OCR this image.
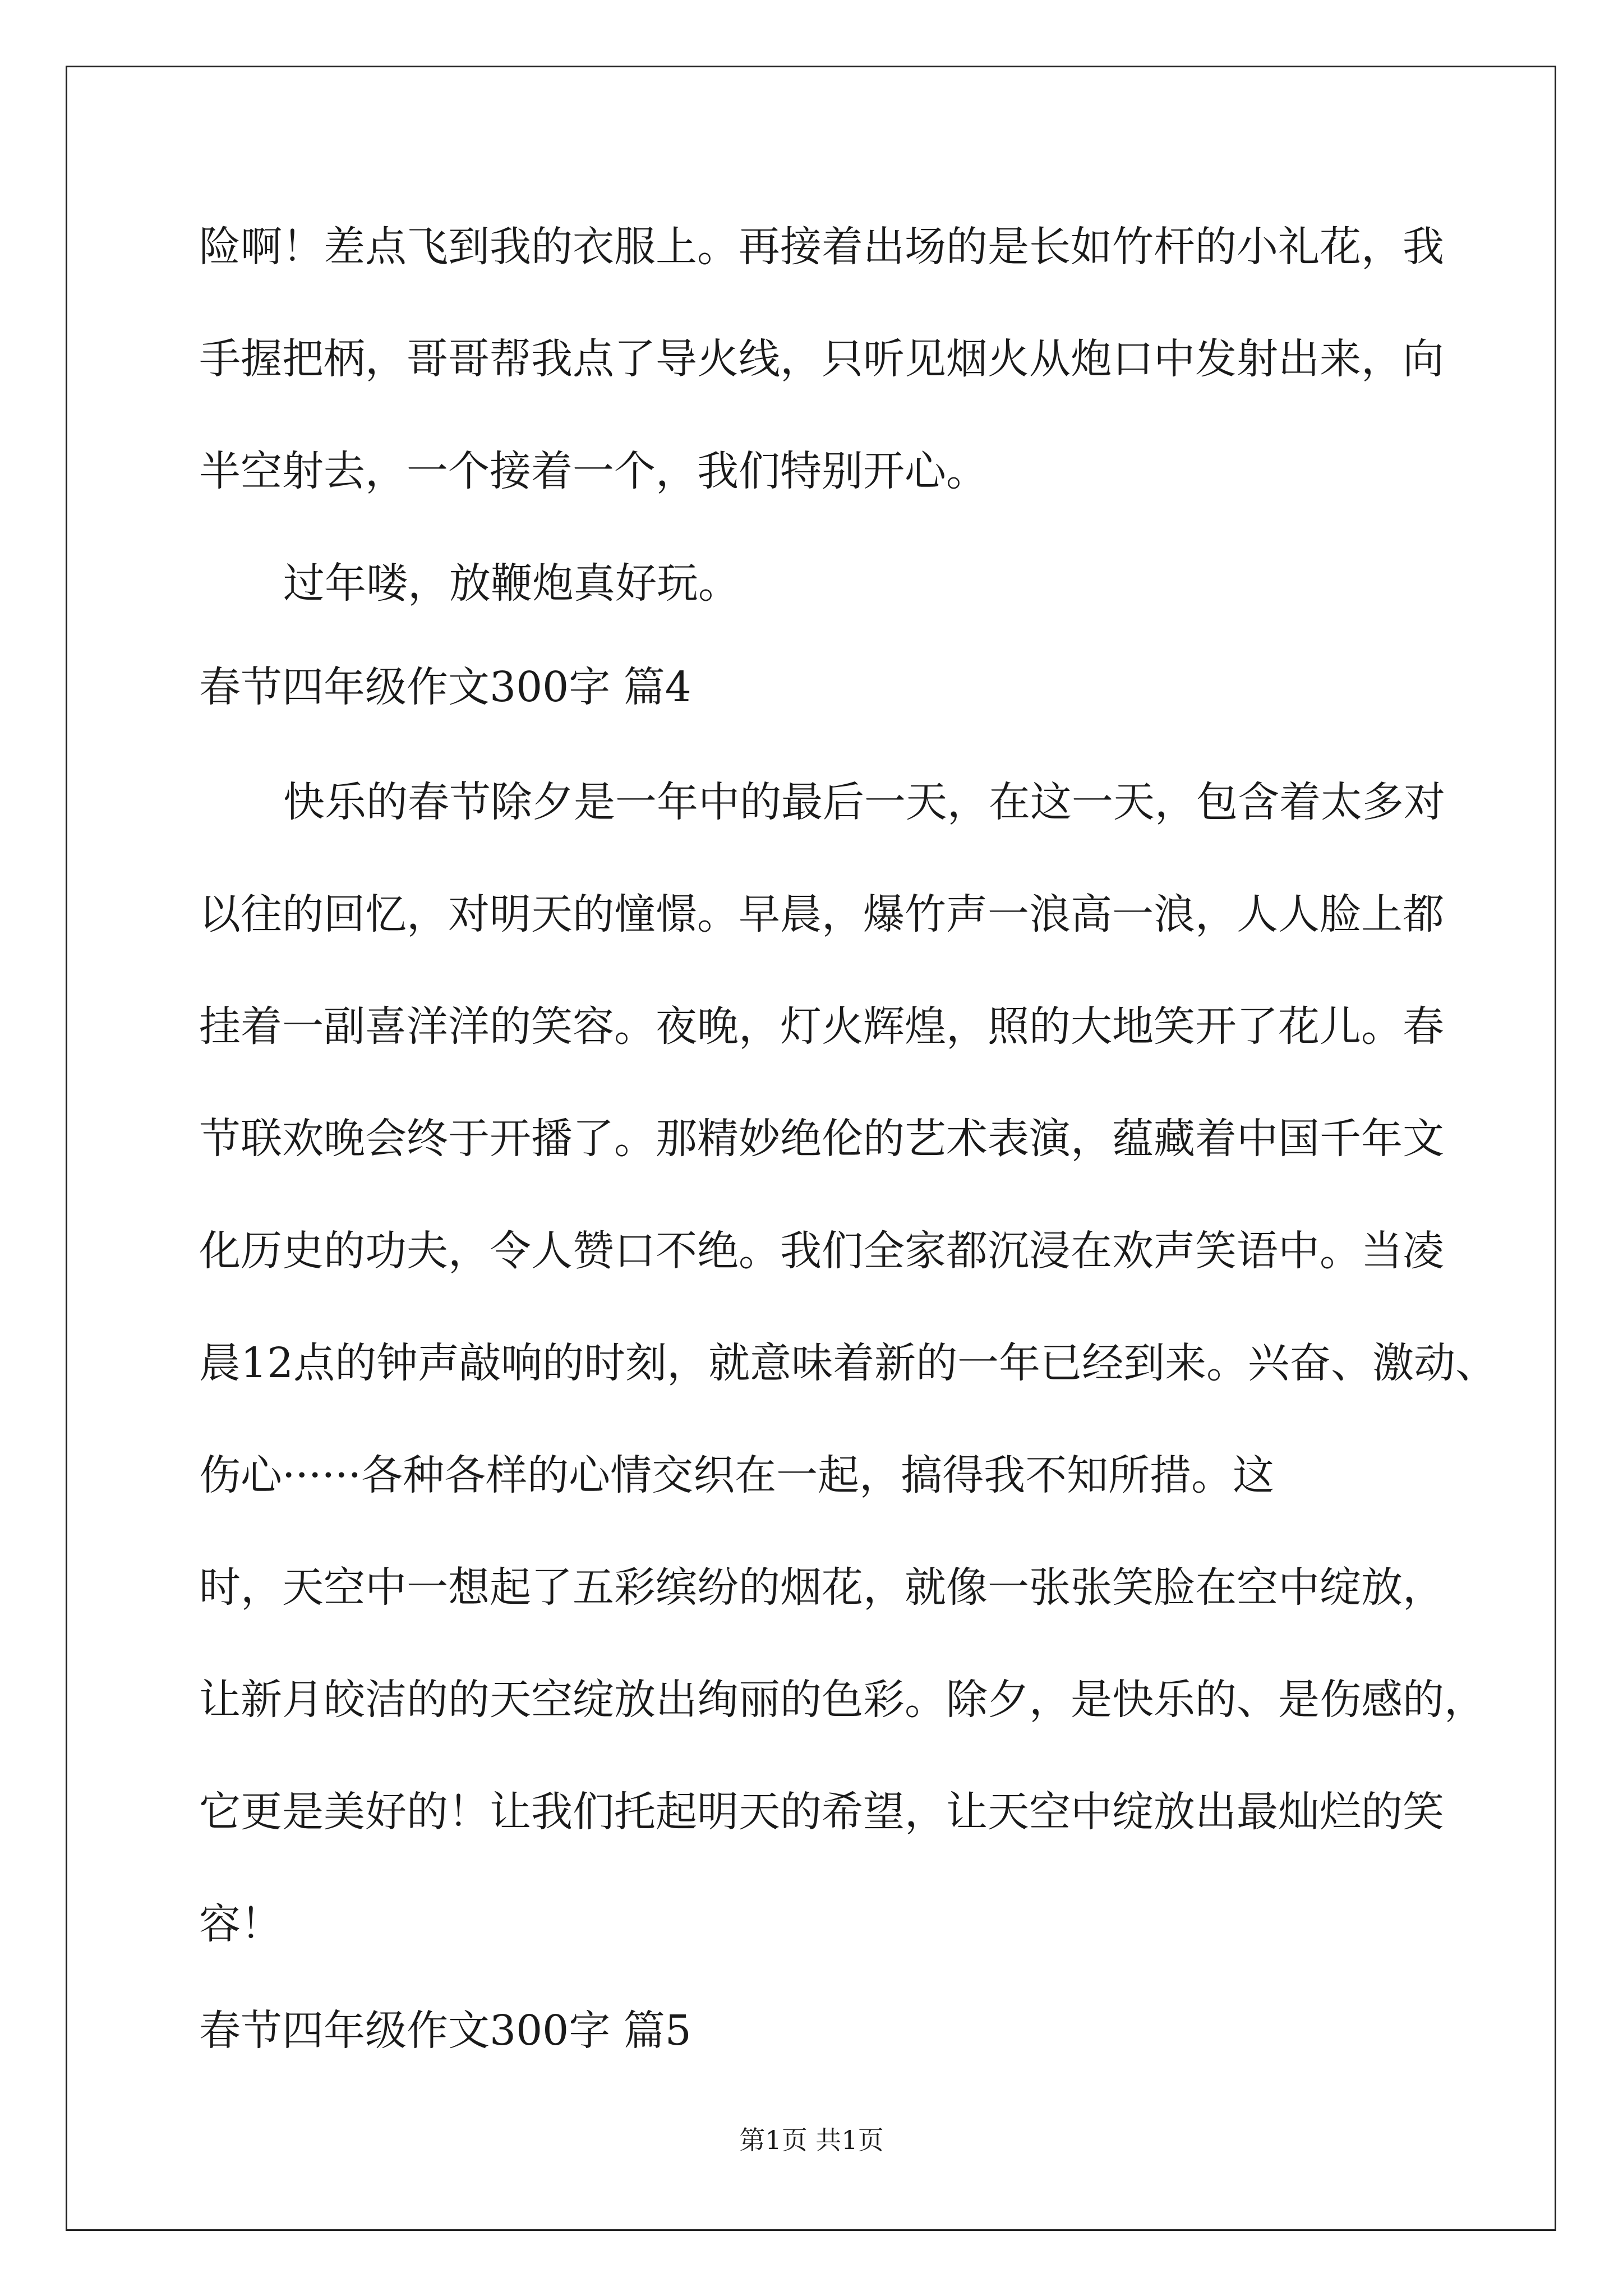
险啊！差点飞到我的衣服上。再接着出场的是长如竹杆的小礼花，我
手握把柄，哥哥帮我点了导火线，只听见烟火从炮口中发射出来，向
半空射去，一个接着一个，我们特别开心。
过年喽，放鞭炮真好玩。
春节四年级作文300字 篇4
快乐的春节除夕是一年中的最后一天，在这一天，包含着太多对
以往的回忆，对明天的憧憬。早晨，爆竹声一浪高一浪，人人脸上都
挂着一副喜洋洋的笑容。夜晚，灯火辉煌，照的大地笑开了花儿。春
节联欢晚会终于开播了。那精妙绝伦的艺术表演，蕴藏着中国千年文
化历史的功夫，令人赞口不绝。我们全家都沉浸在欢声笑语中。当凌
晨12点的钟声敲响的时刻，就意味着新的一年已经到来。兴奋、激动、
伤心······各种各样的心情交织在一起，搞得我不知所措。这
时，天空中一想起了五彩缤纷的烟花，就像一张张笑脸在空中绽放，
让新月皎洁的的天空绽放出绚丽的色彩。除夕，是快乐的、是伤感的，
它更是美好的！让我们托起明天的希望，让天空中绽放出最灿烂的笑
容！
春节四年级作文300字 篇5
第1页 共1页
